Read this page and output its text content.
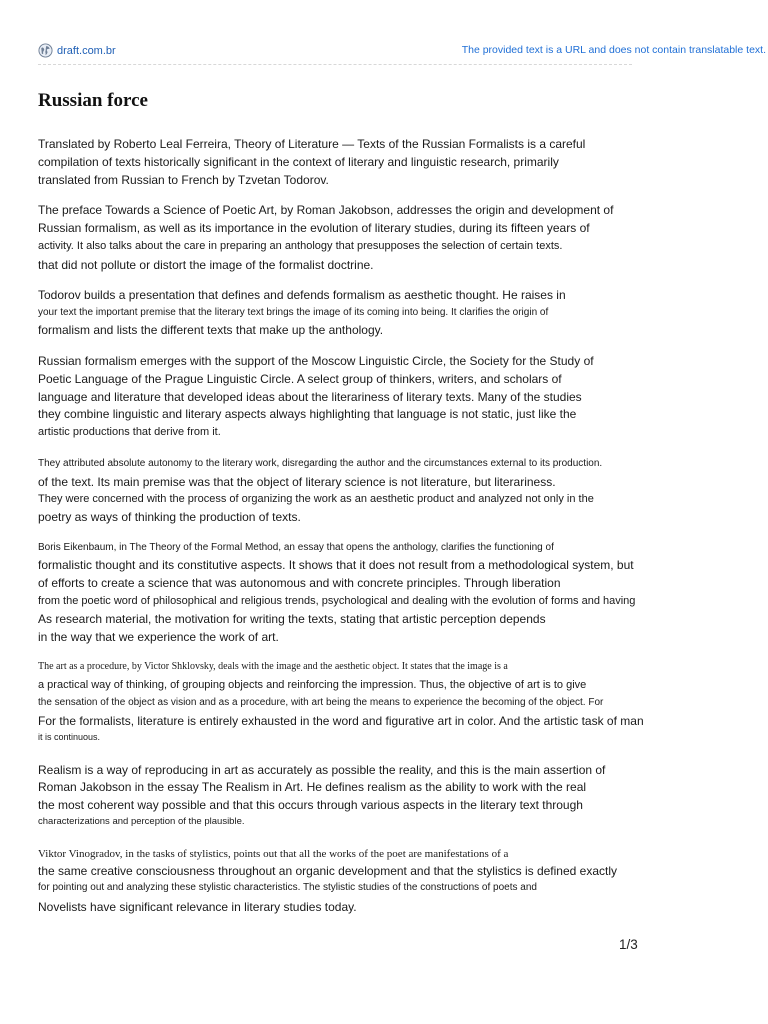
draft.com.br	The provided text is a URL and does not contain translatable text.
Russian force
Translated by Roberto Leal Ferreira, Theory of Literature — Texts of the Russian Formalists is a careful
compilation of texts historically significant in the context of literary and linguistic research, primarily
translated from Russian to French by Tzvetan Todorov.
The preface Towards a Science of Poetic Art, by Roman Jakobson, addresses the origin and development of
Russian formalism, as well as its importance in the evolution of literary studies, during its fifteen years of
activity. It also talks about the care in preparing an anthology that presupposes the selection of certain texts.
that did not pollute or distort the image of the formalist doctrine.
Todorov builds a presentation that defines and defends formalism as aesthetic thought. He raises in
your text the important premise that the literary text brings the image of its coming into being. It clarifies the origin of
formalism and lists the different texts that make up the anthology.
Russian formalism emerges with the support of the Moscow Linguistic Circle, the Society for the Study of
Poetic Language of the Prague Linguistic Circle. A select group of thinkers, writers, and scholars of
language and literature that developed ideas about the literariness of literary texts. Many of the studies
they combine linguistic and literary aspects always highlighting that language is not static, just like the
artistic productions that derive from it.
They attributed absolute autonomy to the literary work, disregarding the author and the circumstances external to its production.
of the text. Its main premise was that the object of literary science is not literature, but literariness.
They were concerned with the process of organizing the work as an aesthetic product and analyzed not only in the
poetry as ways of thinking the production of texts.
Boris Eikenbaum, in The Theory of the Formal Method, an essay that opens the anthology, clarifies the functioning of
formalistic thought and its constitutive aspects. It shows that it does not result from a methodological system, but
of efforts to create a science that was autonomous and with concrete principles. Through liberation
from the poetic word of philosophical and religious trends, psychological and dealing with the evolution of forms and having
As research material, the motivation for writing the texts, stating that artistic perception depends
in the way that we experience the work of art.
The art as a procedure, by Victor Shklovsky, deals with the image and the aesthetic object. It states that the image is a
a practical way of thinking, of grouping objects and reinforcing the impression. Thus, the objective of art is to give
the sensation of the object as vision and as a procedure, with art being the means to experience the becoming of the object. For
For the formalists, literature is entirely exhausted in the word and figurative art in color. And the artistic task of man
it is continuous.
Realism is a way of reproducing in art as accurately as possible the reality, and this is the main assertion of
Roman Jakobson in the essay The Realism in Art. He defines realism as the ability to work with the real
the most coherent way possible and that this occurs through various aspects in the literary text through
characterizations and perception of the plausible.
Viktor Vinogradov, in the tasks of stylistics, points out that all the works of the poet are manifestations of a
the same creative consciousness throughout an organic development and that the stylistics is defined exactly
for pointing out and analyzing these stylistic characteristics. The stylistic studies of the constructions of poets and
Novelists have significant relevance in literary studies today.
1/3
